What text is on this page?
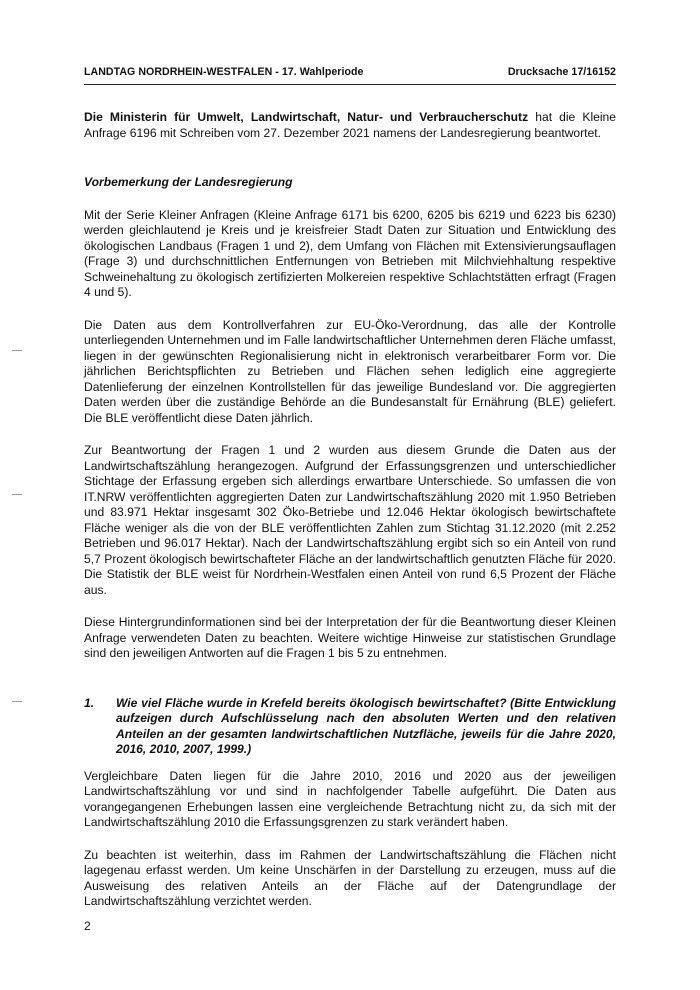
LANDTAG NORDRHEIN-WESTFALEN - 17. Wahlperiode	Drucksache 17/16152

Die Ministerin für Umwelt, Landwirtschaft, Natur- und Verbraucherschutz hat die Kleine Anfrage 6196 mit Schreiben vom 27. Dezember 2021 namens der Landesregierung beantwortet.

Vorbemerkung der Landesregierung

Mit der Serie Kleiner Anfragen (Kleine Anfrage 6171 bis 6200, 6205 bis 6219 und 6223 bis 6230) werden gleichlautend je Kreis und je kreisfreier Stadt Daten zur Situation und Entwicklung des ökologischen Landbaus (Fragen 1 und 2), dem Umfang von Flächen mit Extensivierungsauflagen (Frage 3) und durchschnittlichen Entfernungen von Betrieben mit Milchviehhaltung respektive Schweinehaltung zu ökologisch zertifizierten Molkereien respektive Schlachtstätten erfragt (Fragen 4 und 5).

Die Daten aus dem Kontrollverfahren zur EU-Öko-Verordnung, das alle der Kontrolle unterliegenden Unternehmen und im Falle landwirtschaftlicher Unternehmen deren Fläche umfasst, liegen in der gewünschten Regionalisierung nicht in elektronisch verarbeitbarer Form vor. Die jährlichen Berichtspflichten zu Betrieben und Flächen sehen lediglich eine aggregierte Datenlieferung der einzelnen Kontrollstellen für das jeweilige Bundesland vor. Die aggregierten Daten werden über die zuständige Behörde an die Bundesanstalt für Ernährung (BLE) geliefert. Die BLE veröffentlicht diese Daten jährlich.

Zur Beantwortung der Fragen 1 und 2 wurden aus diesem Grunde die Daten aus der Landwirtschaftszählung herangezogen. Aufgrund der Erfassungsgrenzen und unterschiedlicher Stichtage der Erfassung ergeben sich allerdings erwartbare Unterschiede. So umfassen die von IT.NRW veröffentlichten aggregierten Daten zur Landwirtschaftszählung 2020 mit 1.950 Betrieben und 83.971 Hektar insgesamt 302 Öko-Betriebe und 12.046 Hektar ökologisch bewirtschaftete Fläche weniger als die von der BLE veröffentlichten Zahlen zum Stichtag 31.12.2020 (mit 2.252 Betrieben und 96.017 Hektar). Nach der Landwirtschaftszählung ergibt sich so ein Anteil von rund 5,7 Prozent ökologisch bewirtschafteter Fläche an der landwirtschaftlich genutzten Fläche für 2020. Die Statistik der BLE weist für Nordrhein-Westfalen einen Anteil von rund 6,5 Prozent der Fläche aus.

Diese Hintergrundinformationen sind bei der Interpretation der für die Beantwortung dieser Kleinen Anfrage verwendeten Daten zu beachten. Weitere wichtige Hinweise zur statistischen Grundlage sind den jeweiligen Antworten auf die Fragen 1 bis 5 zu entnehmen.

1.	Wie viel Fläche wurde in Krefeld bereits ökologisch bewirtschaftet? (Bitte Entwicklung aufzeigen durch Aufschlüsselung nach den absoluten Werten und den relativen Anteilen an der gesamten landwirtschaftlichen Nutzfläche, jeweils für die Jahre 2020, 2016, 2010, 2007, 1999.)

Vergleichbare Daten liegen für die Jahre 2010, 2016 und 2020 aus der jeweiligen Landwirtschaftszählung vor und sind in nachfolgender Tabelle aufgeführt. Die Daten aus vorangegangenen Erhebungen lassen eine vergleichende Betrachtung nicht zu, da sich mit der Landwirtschaftszählung 2010 die Erfassungsgrenzen zu stark verändert haben.

Zu beachten ist weiterhin, dass im Rahmen der Landwirtschaftszählung die Flächen nicht lagegenau erfasst werden. Um keine Unschärfen in der Darstellung zu erzeugen, muss auf die Ausweisung des relativen Anteils an der Fläche auf der Datengrundlage der Landwirtschaftszählung verzichtet werden.

2
